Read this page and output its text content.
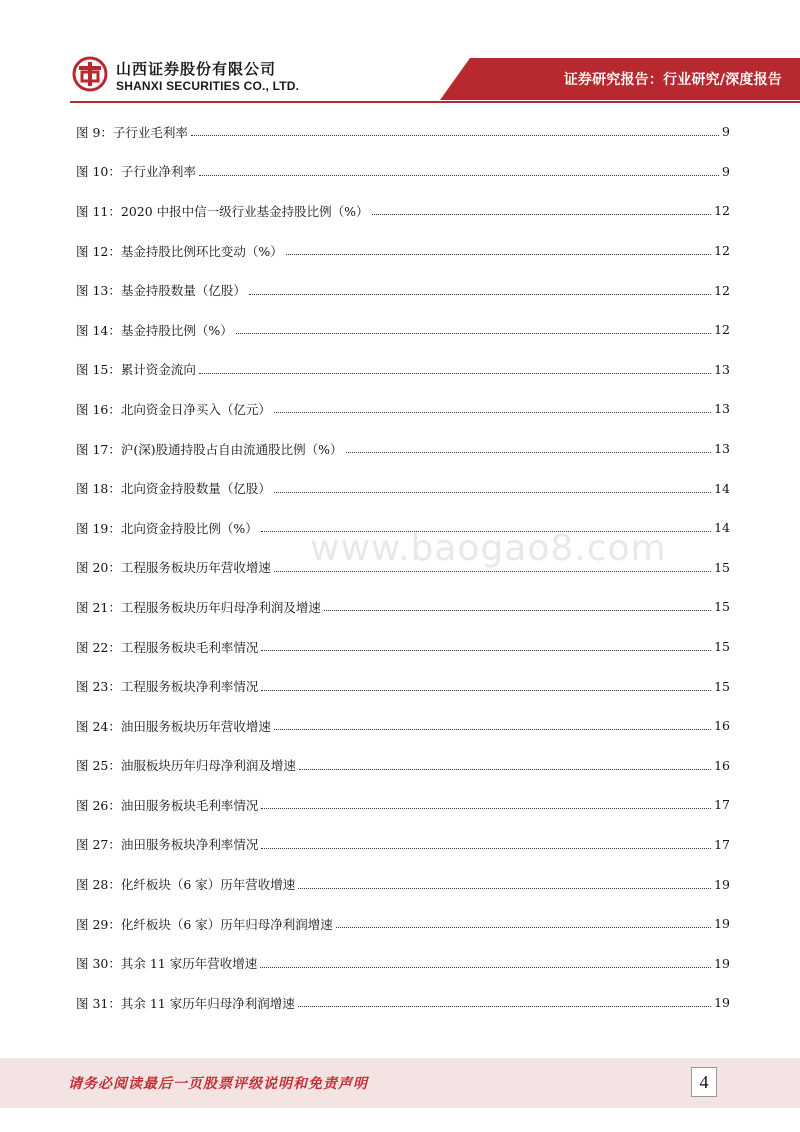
山西证券股份有限公司
SHANXI SECURITIES CO., LTD.	证券研究报告：行业研究/深度报告
图 9：子行业毛利率	9
图 10：子行业净利率	9
图 11：2020 中报中信一级行业基金持股比例（%）	12
图 12：基金持股比例环比变动（%）	12
图 13：基金持股数量（亿股）	12
图 14：基金持股比例（%）	12
图 15：累计资金流向	13
图 16：北向资金日净买入（亿元）	13
图 17：沪(深)股通持股占自由流通股比例（%）	13
图 18：北向资金持股数量（亿股）	14
图 19：北向资金持股比例（%）	14
图 20：工程服务板块历年营收增速	15
图 21：工程服务板块历年归母净利润及增速	15
图 22：工程服务板块毛利率情况	15
图 23：工程服务板块净利率情况	15
图 24：油田服务板块历年营收增速	16
图 25：油服板块历年归母净利润及增速	16
图 26：油田服务板块毛利率情况	17
图 27：油田服务板块净利率情况	17
图 28：化纤板块（6 家）历年营收增速	19
图 29：化纤板块（6 家）历年归母净利润增速	19
图 30：其余 11 家历年营收增速	19
图 31：其余 11 家历年归母净利润增速	19
www.baogao8.com
请务必阅读最后一页股票评级说明和免责声明	4
